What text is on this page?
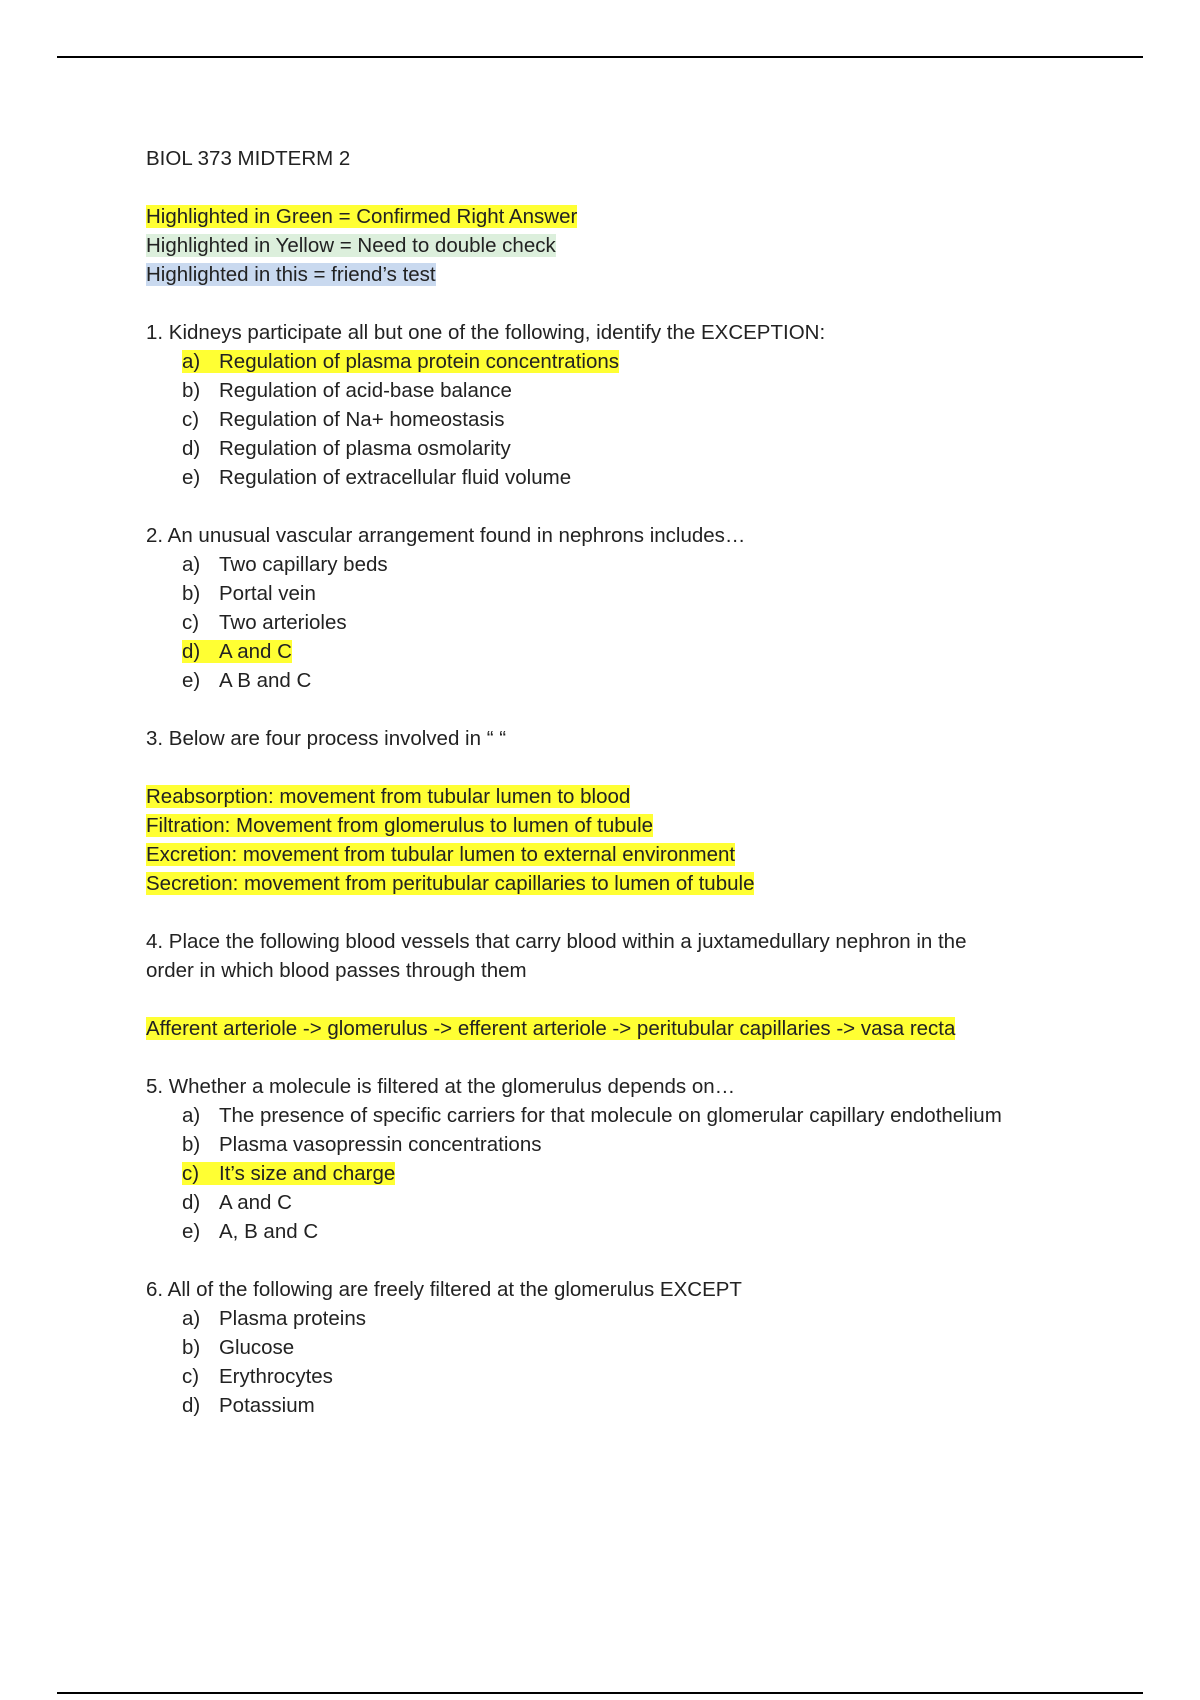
BIOL 373 MIDTERM 2
Highlighted in Green = Confirmed Right Answer
Highlighted in Yellow = Need to double check
Highlighted in this = friend’s test
1. Kidneys participate all but one of the following, identify the EXCEPTION:
a) Regulation of plasma protein concentrations
b) Regulation of acid-base balance
c) Regulation of Na+ homeostasis
d) Regulation of plasma osmolarity
e) Regulation of extracellular fluid volume
2. An unusual vascular arrangement found in nephrons includes…
a) Two capillary beds
b) Portal vein
c) Two arterioles
d) A and C
e) A B and C
3. Below are four process involved in “ “
Reabsorption: movement from tubular lumen to blood
Filtration: Movement from glomerulus to lumen of tubule
Excretion: movement from tubular lumen to external environment
Secretion: movement from peritubular capillaries to lumen of tubule
4. Place the following blood vessels that carry blood within a juxtamedullary nephron in the
order in which blood passes through them
Afferent arteriole -> glomerulus -> efferent arteriole -> peritubular capillaries -> vasa recta
5. Whether a molecule is filtered at the glomerulus depends on…
a) The presence of specific carriers for that molecule on glomerular capillary endothelium
b) Plasma vasopressin concentrations
c) It’s size and charge
d) A and C
e) A, B and C
6. All of the following are freely filtered at the glomerulus EXCEPT
a) Plasma proteins
b) Glucose
c) Erythrocytes
d) Potassium
